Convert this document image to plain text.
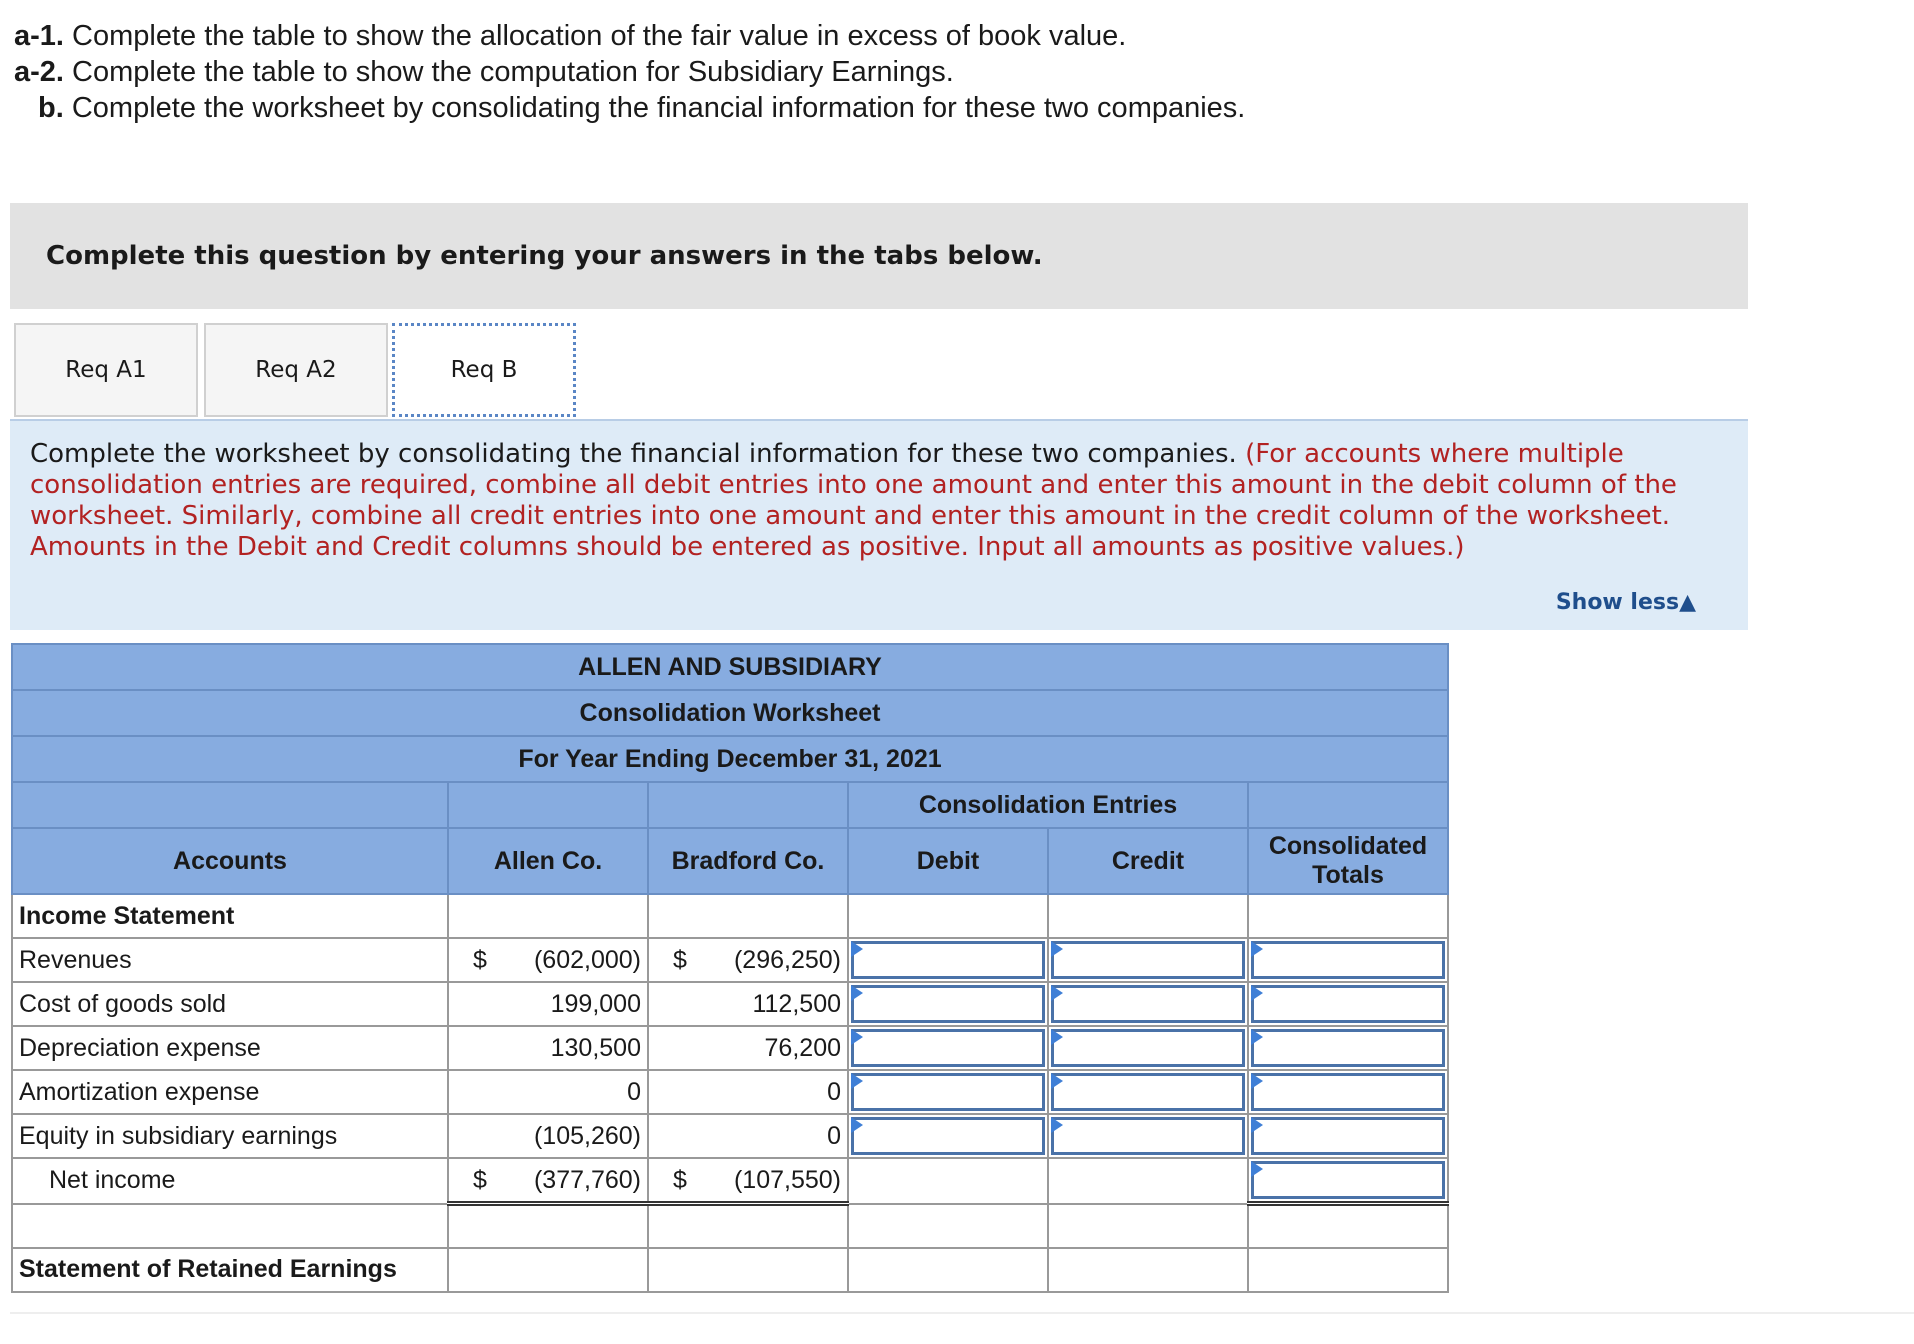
a-1. Complete the table to show the allocation of the fair value in excess of book value.
a-2. Complete the table to show the computation for Subsidiary Earnings.
b. Complete the worksheet by consolidating the financial information for these two companies.
Complete this question by entering your answers in the tabs below.
Req A1	Req A2	Req B
Complete the worksheet by consolidating the financial information for these two companies. (For accounts where multiple consolidation entries are required, combine all debit entries into one amount and enter this amount in the debit column of the worksheet. Similarly, combine all credit entries into one amount and enter this amount in the credit column of the worksheet. Amounts in the Debit and Credit columns should be entered as positive. Input all amounts as positive values.)
Show less▲
ALLEN AND SUBSIDIARY					
Consolidation Worksheet					
For Year Ending December 31, 2021					
			Consolidation Entries		
Accounts	Allen Co.	Bradford Co.	Debit	Credit	Consolidated Totals
Income Statement					
Revenues	$ (602,000)	$ (296,250)	

Cost of goods sold	199,000	112,500	

Depreciation expense	130,500	76,200	

Amortization expense	0	0	

Equity in subsidiary earnings	(105,260)	0	

Net income	$ (377,760)	$ (107,550)			

Statement of Retained Earnings					
